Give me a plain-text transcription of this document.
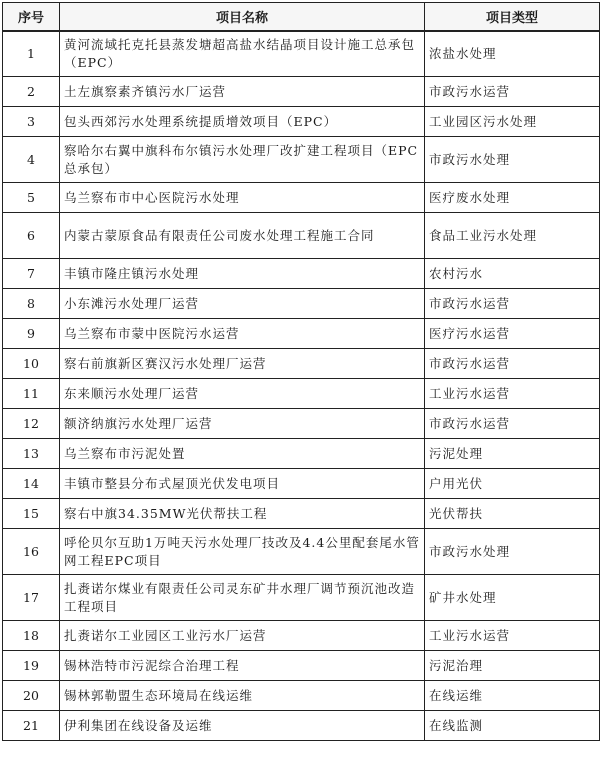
序号	项目名称	项目类型
1	黄河流域托克托县蒸发塘超高盐水结晶项目设计施工总承包（EPC）	浓盐水处理
2	土左旗察素齐镇污水厂运营	市政污水运营
3	包头西郊污水处理系统提质增效项目（EPC）	工业园区污水处理
4	察哈尔右翼中旗科布尔镇污水处理厂改扩建工程项目（EPC总承包）	市政污水处理
5	乌兰察布市中心医院污水处理	医疗废水处理
6	内蒙古蒙原食品有限责任公司废水处理工程施工合同	食品工业污水处理
7	丰镇市隆庄镇污水处理	农村污水
8	小东滩污水处理厂运营	市政污水运营
9	乌兰察布市蒙中医院污水运营	医疗污水运营
10	察右前旗新区赛汉污水处理厂运营	市政污水运营
11	东来顺污水处理厂运营	工业污水运营
12	额济纳旗污水处理厂运营	市政污水运营
13	乌兰察布市污泥处置	污泥处理
14	丰镇市整县分布式屋顶光伏发电项目	户用光伏
15	察右中旗34.35MW光伏帮扶工程	光伏帮扶
16	呼伦贝尔互助1万吨天污水处理厂技改及4.4公里配套尾水管网工程EPC项目	市政污水处理
17	扎赉诺尔煤业有限责任公司灵东矿井水理厂调节预沉池改造工程项目	矿井水处理
18	扎赉诺尔工业园区工业污水厂运营	工业污水运营
19	锡林浩特市污泥综合治理工程	污泥治理
20	锡林郭勒盟生态环境局在线运维	在线运维
21	伊利集团在线设备及运维	在线监测
